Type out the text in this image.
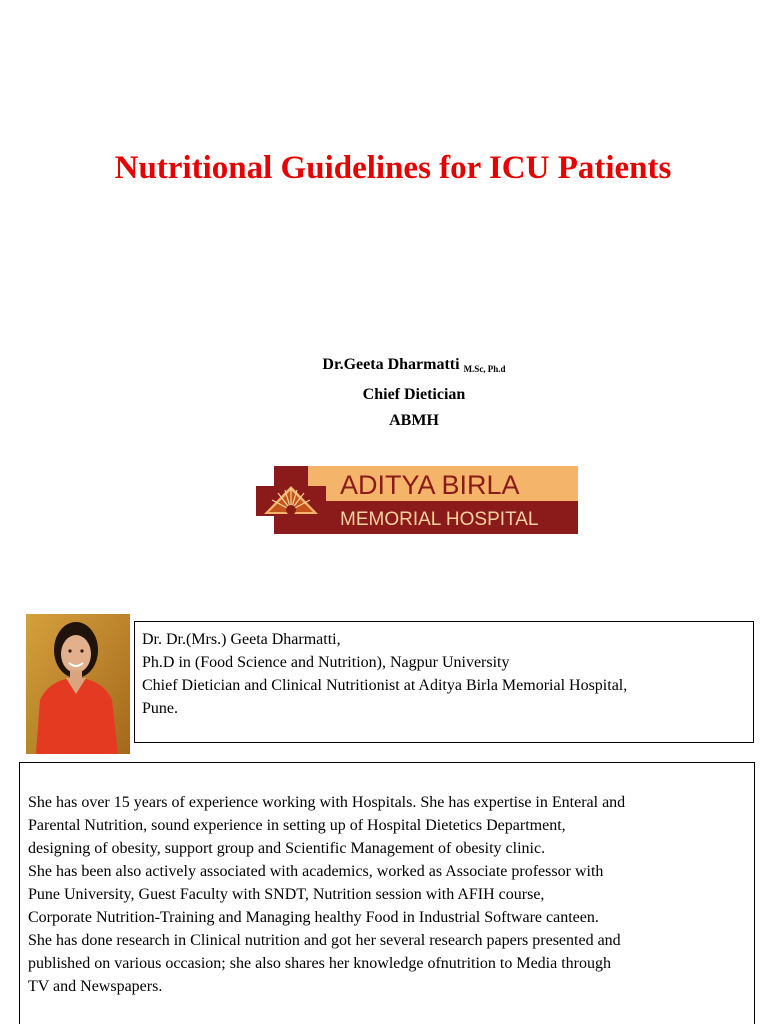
Nutritional Guidelines for ICU Patients
Dr.Geeta Dharmatti M.Sc, Ph.d
Chief Dietician
ABMH
ADITYA BIRLA
MEMORIAL HOSPITAL
Dr. Dr.(Mrs.) Geeta Dharmatti,
Ph.D in (Food Science and Nutrition), Nagpur University
Chief Dietician and Clinical Nutritionist at Aditya Birla Memorial Hospital,
Pune.

She has over 15 years of experience working with Hospitals. She has expertise in Enteral and

Parental Nutrition, sound experience in setting up of Hospital Dietetics Department,

designing of obesity, support group and Scientific Management of obesity clinic.

She has been also actively associated with academics, worked as Associate professor with

Pune University, Guest Faculty with SNDT, Nutrition session with AFIH course,

Corporate Nutrition-Training and Managing healthy Food in Industrial Software canteen.

She has done research in Clinical nutrition and got her several research papers presented and

published on various occasion; she also shares her knowledge ofnutrition to Media through

TV and Newspapers.
